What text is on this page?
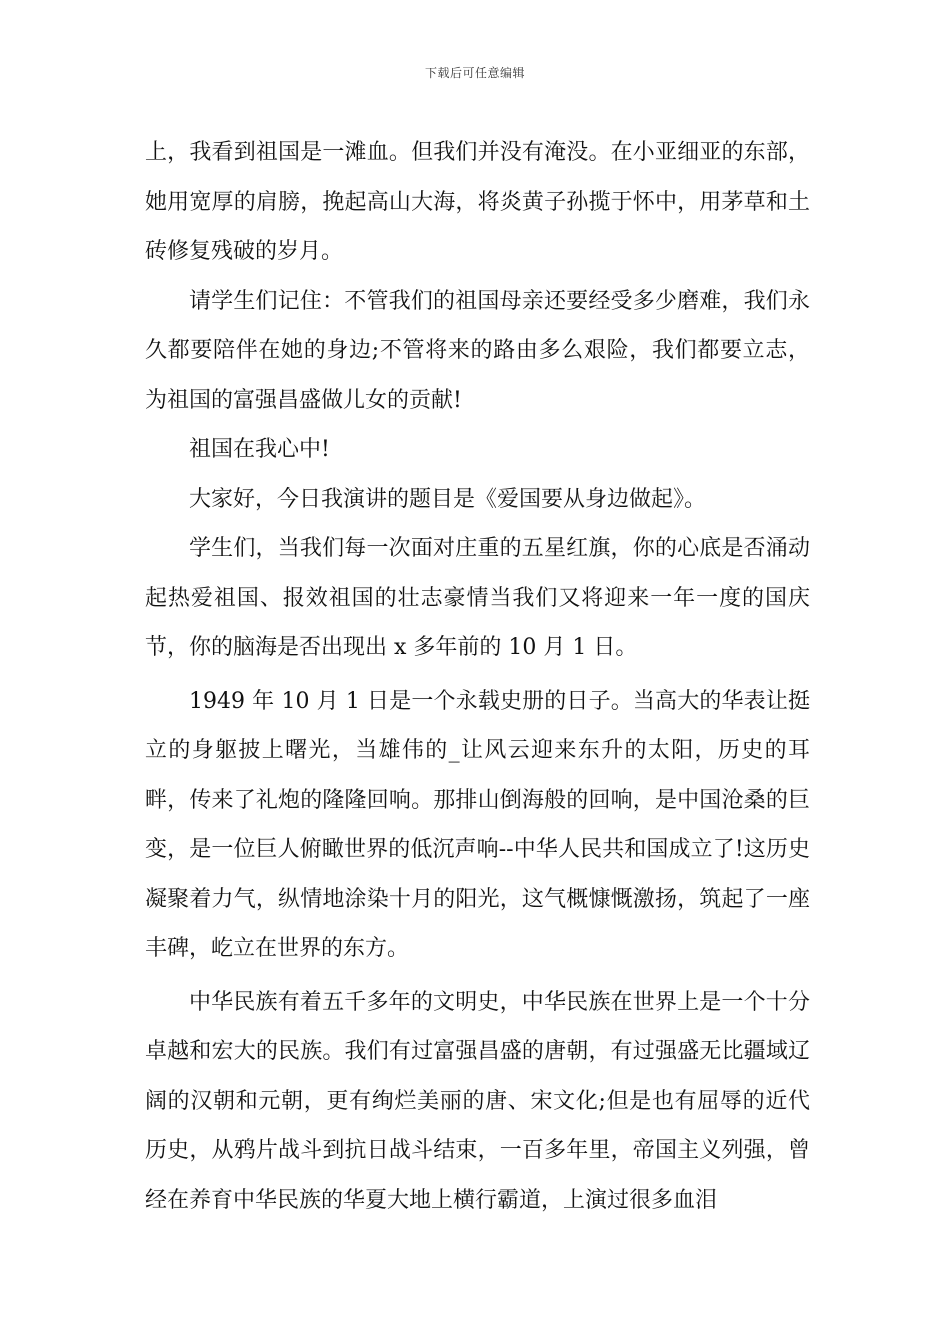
下载后可任意编辑

上，我看到祖国是一滩血。但我们并没有淹没。在小亚细亚的东部，她用宽厚的肩膀，挽起高山大海，将炎黄子孙揽于怀中，用茅草和土砖修复残破的岁月。

请学生们记住：不管我们的祖国母亲还要经受多少磨难，我们永久都要陪伴在她的身边;不管将来的路由多么艰险，我们都要立志，为祖国的富强昌盛做儿女的贡献!

祖国在我心中!

大家好，今日我演讲的题目是《爱国要从身边做起》。

学生们，当我们每一次面对庄重的五星红旗，你的心底是否涌动起热爱祖国、报效祖国的壮志豪情当我们又将迎来一年一度的国庆节，你的脑海是否出现出 x 多年前的 10 月 1 日。

1949 年 10 月 1 日是一个永载史册的日子。当高大的华表让挺立的身躯披上曙光，当雄伟的_让风云迎来东升的太阳，历史的耳畔，传来了礼炮的隆隆回响。那排山倒海般的回响，是中国沧桑的巨变，是一位巨人俯瞰世界的低沉声响--中华人民共和国成立了!这历史凝聚着力气，纵情地涂染十月的阳光，这气概慷慨激扬，筑起了一座丰碑，屹立在世界的东方。

中华民族有着五千多年的文明史，中华民族在世界上是一个十分卓越和宏大的民族。我们有过富强昌盛的唐朝，有过强盛无比疆域辽阔的汉朝和元朝，更有绚烂美丽的唐、宋文化;但是也有屈辱的近代历史，从鸦片战斗到抗日战斗结束，一百多年里，帝国主义列强，曾经在养育中华民族的华夏大地上横行霸道，上演过很多血泪
